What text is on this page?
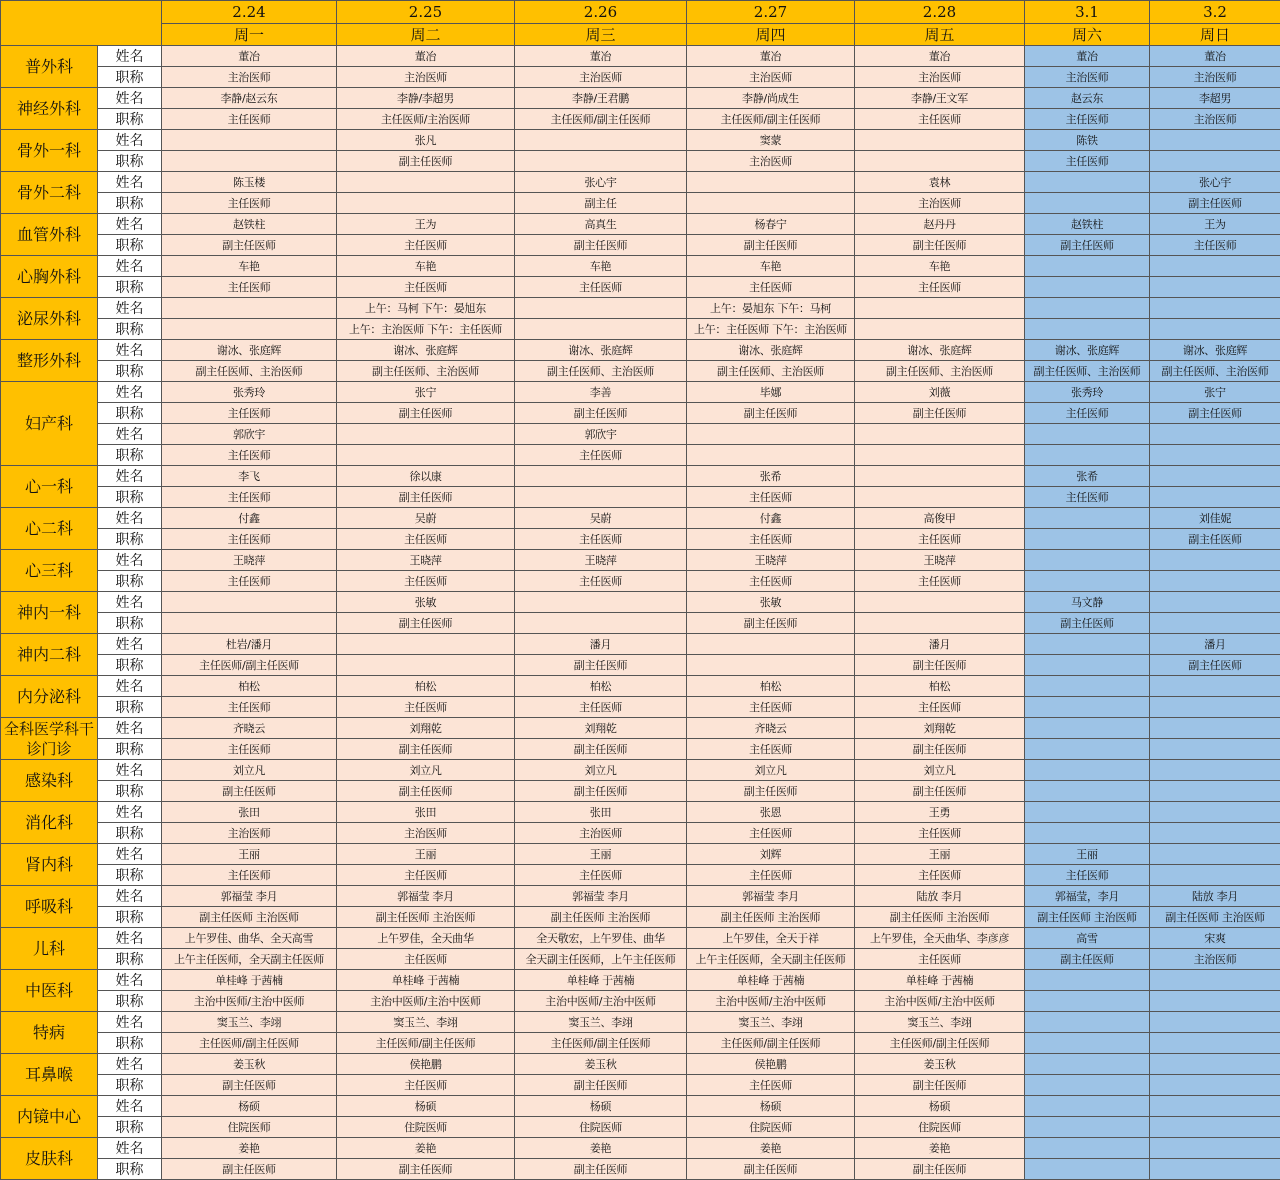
		2.24	2.25	2.26	2.27	2.28	3.1	3.2
		周一	周二	周三	周四	周五	周六	周日
普外科	姓名	董冶	董冶	董冶	董冶	董冶	董冶	董冶
	职称	主治医师	主治医师	主治医师	主治医师	主治医师	主治医师	主治医师
神经外科	姓名	李静/赵云东	李静/李超男	李静/王君鹏	李静/尚成生	李静/王文军	赵云东	李超男
	职称	主任医师	主任医师/主治医师	主任医师/副主任医师	主任医师/副主任医师	主任医师	主任医师	主治医师
骨外一科	姓名		张凡		窦蒙		陈铁	
	职称		副主任医师		主治医师		主任医师	
骨外二科	姓名	陈玉楼		张心宇		袁林		张心宇
	职称	主任医师		副主任		主治医师		副主任医师
血管外科	姓名	赵铁柱	王为	高真生	杨春宁	赵丹丹	赵铁柱	王为
	职称	副主任医师	主任医师	副主任医师	副主任医师	副主任医师	副主任医师	主任医师
心胸外科	姓名	车艳	车艳	车艳	车艳	车艳		
	职称	主任医师	主任医师	主任医师	主任医师	主任医师		
泌尿外科	姓名		上午：马柯 下午：晏旭东		上午：晏旭东 下午：马柯			
	职称		上午：主治医师 下午：主任医师		上午：主任医师 下午：主治医师			
整形外科	姓名	谢冰、张庭辉	谢冰、张庭辉	谢冰、张庭辉	谢冰、张庭辉	谢冰、张庭辉	谢冰、张庭辉	谢冰、张庭辉
	职称	副主任医师、主治医师	副主任医师、主治医师	副主任医师、主治医师	副主任医师、主治医师	副主任医师、主治医师	副主任医师、主治医师	副主任医师、主治医师
妇产科	姓名	张秀玲	张宁	李善	毕娜	刘薇	张秀玲	张宁
	职称	主任医师	副主任医师	副主任医师	副主任医师	副主任医师	主任医师	副主任医师
	姓名	郭欣宇		郭欣宇				
	职称	主任医师		主任医师				
心一科	姓名	李飞	徐以康		张希		张希	
	职称	主任医师	副主任医师		主任医师		主任医师	
心二科	姓名	付鑫	吴蔚	吴蔚	付鑫	高俊甲		刘佳妮
	职称	主任医师	主任医师	主任医师	主任医师	主任医师		副主任医师
心三科	姓名	王晓萍	王晓萍	王晓萍	王晓萍	王晓萍		
	职称	主任医师	主任医师	主任医师	主任医师	主任医师		
神内一科	姓名		张敏		张敏		马文静	
	职称		副主任医师		副主任医师		副主任医师	
神内二科	姓名	杜岩/潘月		潘月		潘月		潘月
	职称	主任医师/副主任医师		副主任医师		副主任医师		副主任医师
内分泌科	姓名	柏松	柏松	柏松	柏松	柏松		
	职称	主任医师	主任医师	主任医师	主任医师	主任医师		

全科医学科干诊门诊	姓名	齐晓云	刘翔乾	刘翔乾	齐晓云	刘翔乾		
	职称	主任医师	副主任医师	副主任医师	主任医师	副主任医师		
感染科	姓名	刘立凡	刘立凡	刘立凡	刘立凡	刘立凡		
	职称	副主任医师	副主任医师	副主任医师	副主任医师	副主任医师		
消化科	姓名	张田	张田	张田	张恩	王勇		
	职称	主治医师	主治医师	主治医师	主任医师	主任医师		
肾内科	姓名	王丽	王丽	王丽	刘辉	王丽	王丽	
	职称	主任医师	主任医师	主任医师	主任医师	主任医师	主任医师	
呼吸科	姓名	郭福莹 李月	郭福莹 李月	郭福莹 李月	郭福莹 李月	陆放 李月	郭福莹，李月	陆放 李月
	职称	副主任医师 主治医师	副主任医师 主治医师	副主任医师 主治医师	副主任医师 主治医师	副主任医师 主治医师	副主任医师 主治医师	副主任医师 主治医师
儿科	姓名	上午罗佳、曲华、全天高雪	上午罗佳，全天曲华	全天敬宏，上午罗佳、曲华	上午罗佳，全天于祥	上午罗佳，全天曲华、李彦彦	高雪	宋爽
	职称	上午主任医师，全天副主任医师	主任医师	全天副主任医师，上午主任医师	上午主任医师，全天副主任医师	主任医师	副主任医师	主治医师
中医科	姓名	单桂峰 于茜楠	单桂峰 于茜楠	单桂峰 于茜楠	单桂峰 于茜楠	单桂峰 于茜楠		
	职称	主治中医师/主治中医师	主治中医师/主治中医师	主治中医师/主治中医师	主治中医师/主治中医师	主治中医师/主治中医师		
特病	姓名	窦玉兰、李翊	窦玉兰、李翊	窦玉兰、李翊	窦玉兰、李翊	窦玉兰、李翊		
	职称	主任医师/副主任医师	主任医师/副主任医师	主任医师/副主任医师	主任医师/副主任医师	主任医师/副主任医师		
耳鼻喉	姓名	姜玉秋	侯艳鹏	姜玉秋	侯艳鹏	姜玉秋		
	职称	副主任医师	主任医师	副主任医师	主任医师	副主任医师		
内镜中心	姓名	杨硕	杨硕	杨硕	杨硕	杨硕		
	职称	住院医师	住院医师	住院医师	住院医师	住院医师		
皮肤科	姓名	姜艳	姜艳	姜艳	姜艳	姜艳		
	职称	副主任医师	副主任医师	副主任医师	副主任医师	副主任医师		
